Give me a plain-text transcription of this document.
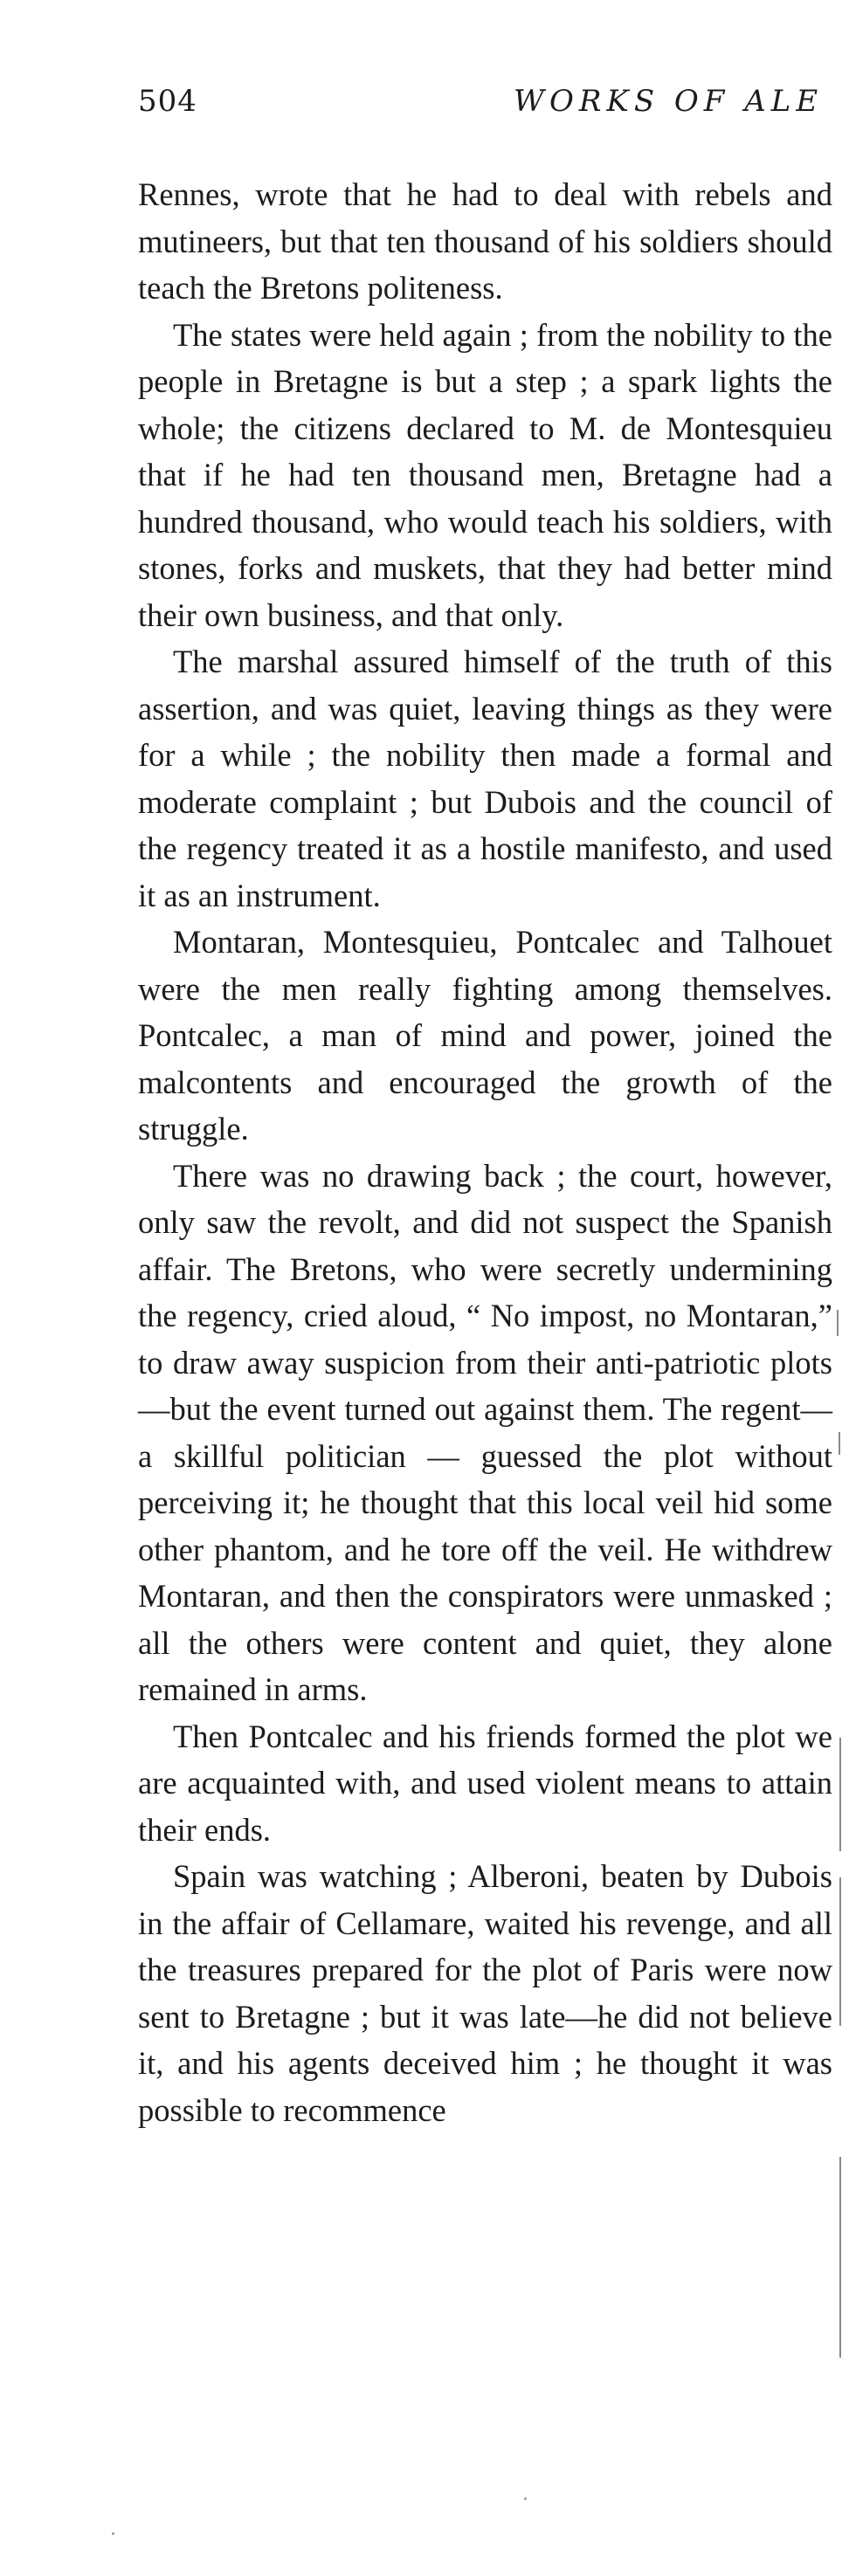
504	WORKS OF ALE

Rennes, wrote that he had to deal with rebels and mutineers, but that ten thousand of his soldiers should teach the Bretons politeness.

The states were held again ; from the nobility to the people in Bretagne is but a step ; a spark lights the whole; the citizens declared to M. de Montesquieu that if he had ten thousand men, Bretagne had a hundred thousand, who would teach his soldiers, with stones, forks and muskets, that they had better mind their own business, and that only.

The marshal assured himself of the truth of this assertion, and was quiet, leaving things as they were for a while ; the nobility then made a formal and moderate complaint ; but Dubois and the council of the regency treated it as a hostile manifesto, and used it as an instrument.

Montaran, Montesquieu, Pontcalec and Talhouet were the men really fighting among themselves. Pontcalec, a man of mind and power, joined the malcontents and encouraged the growth of the struggle.

There was no drawing back ; the court, however, only saw the revolt, and did not suspect the Spanish affair. The Bretons, who were secretly undermining the regency, cried aloud, “ No impost, no Montaran,” to draw away suspicion from their anti-patriotic plots—but the event turned out against them. The regent—a skillful politician — guessed the plot without perceiving it; he thought that this local veil hid some other phantom, and he tore off the veil. He withdrew Montaran, and then the conspirators were unmasked ; all the others were content and quiet, they alone remained in arms.

Then Pontcalec and his friends formed the plot we are acquainted with, and used violent means to attain their ends.

Spain was watching ; Alberoni, beaten by Dubois in the affair of Cellamare, waited his revenge, and all the treasures prepared for the plot of Paris were now sent to Bretagne ; but it was late—he did not believe it, and his agents deceived him ; he thought it was possible to recommence
